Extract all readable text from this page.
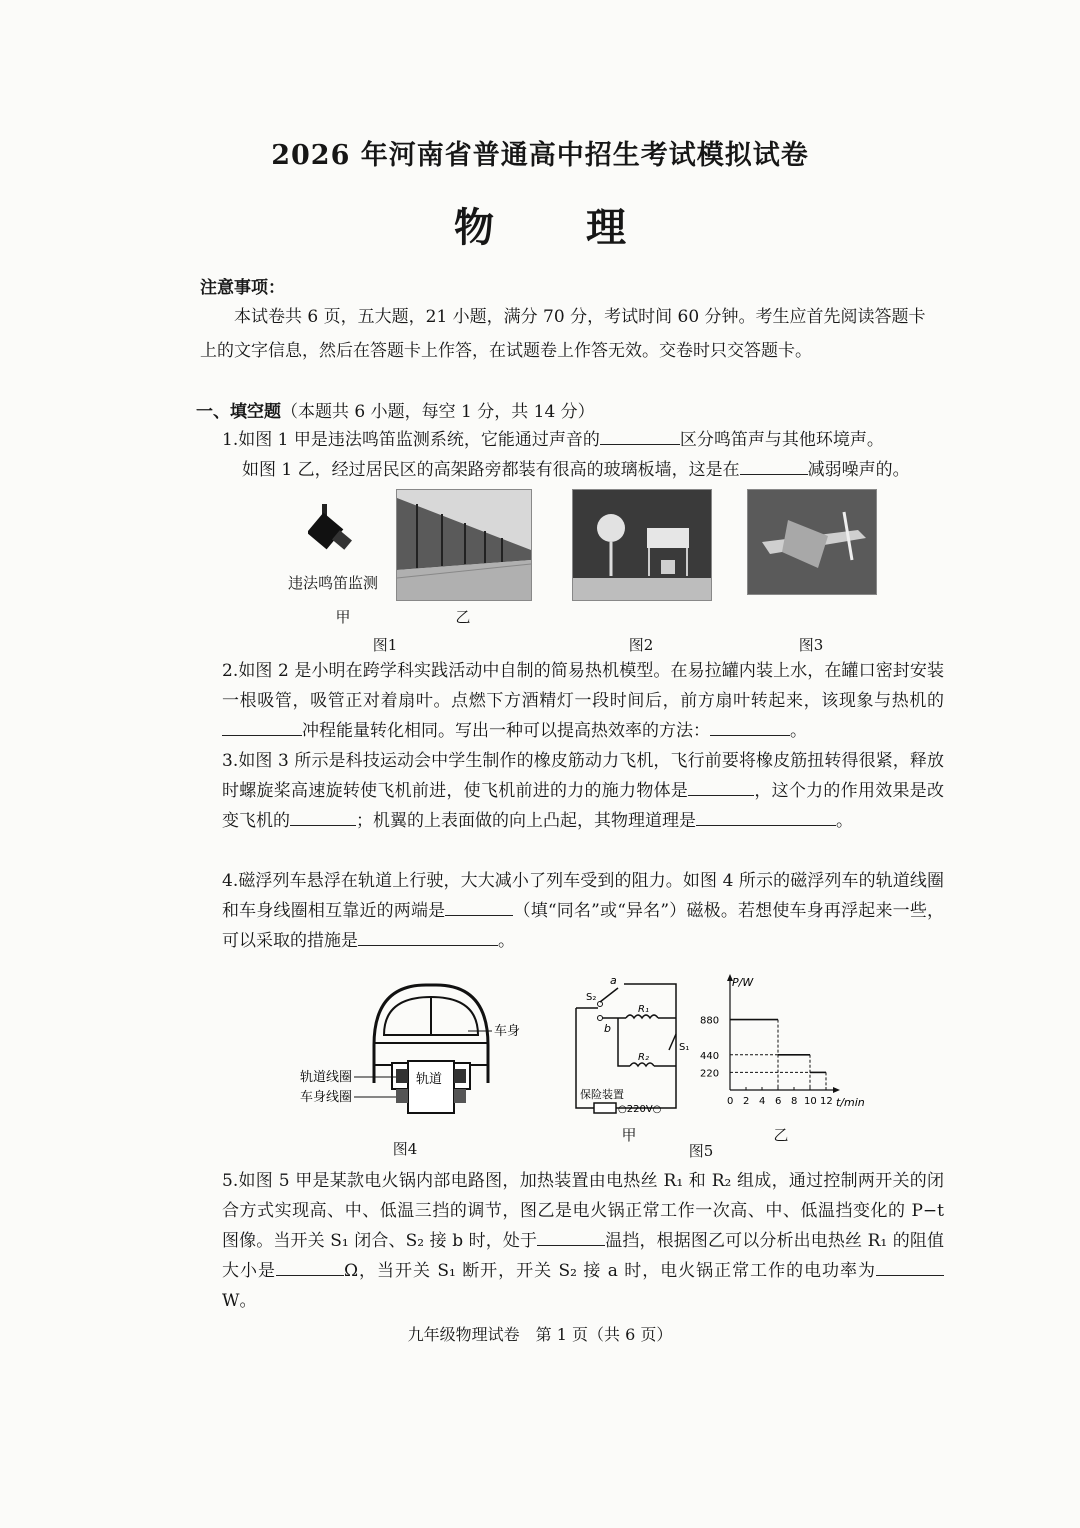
2026 年河南省普通高中招生考试模拟试卷
物 理
注意事项：
本试卷共 6 页，五大题，21 小题，满分 70 分，考试时间 60 分钟。考生应首先阅读答题卡上的文字信息，然后在答题卡上作答，在试题卷上作答无效。交卷时只交答题卡。
一、填空题（本题共 6 小题，每空 1 分，共 14 分）
1.如图 1 甲是违法鸣笛监测系统，它能通过声音的	区分鸣笛声与其他环境声。
如图 1 乙，经过居民区的高架路旁都装有很高的玻璃板墙，这是在	减弱噪声的。
违法鸣笛监测
甲	乙
图1	图2	图3
2.如图 2 是小明在跨学科实践活动中自制的简易热机模型。在易拉罐内装上水，在罐口密封安装一根吸管，吸管正对着扇叶。点燃下方酒精灯一段时间后，前方扇叶转起来，该现象与热机的冲程能量转化相同。写出一种可以提高热效率的方法：	。
3.如图 3 所示是科技运动会中学生制作的橡皮筋动力飞机，飞行前要将橡皮筋扭转得很紧，释放时螺旋桨高速旋转使飞机前进，使飞机前进的力的施力物体是	，这个力的作用效果是改变飞机的	；机翼的上表面做的向上凸起，其物理道理是	。
4.磁浮列车悬浮在轨道上行驶，大大减小了列车受到的阻力。如图 4 所示的磁浮列车的轨道线圈和车身线圈相互靠近的两端是	（填“同名”或“异名”）磁极。若想使车身再浮起来一些，可以采取的措施是	。
车身
轨道线圈
车身线圈
轨道
图4
S₂
a
b
R₁
R₂
S₁
保险装置
○220V○
甲
图5
P/W
t/min
0 2 4 6 8 10 12
880
440
220
乙
5.如图 5 甲是某款电火锅内部电路图，加热装置由电热丝 R₁ 和 R₂ 组成，通过控制两开关的闭合方式实现高、中、低温三挡的调节，图乙是电火锅正常工作一次高、中、低温挡变化的 P−t 图像。当开关 S₁ 闭合、S₂ 接 b 时，处于	温挡，根据图乙可以分析出电热丝 R₁ 的阻值大小是	Ω，当开关 S₁ 断开，开关 S₂ 接 a 时，电火锅正常工作的电功率为W。
九年级物理试卷　第 1 页（共 6 页）
